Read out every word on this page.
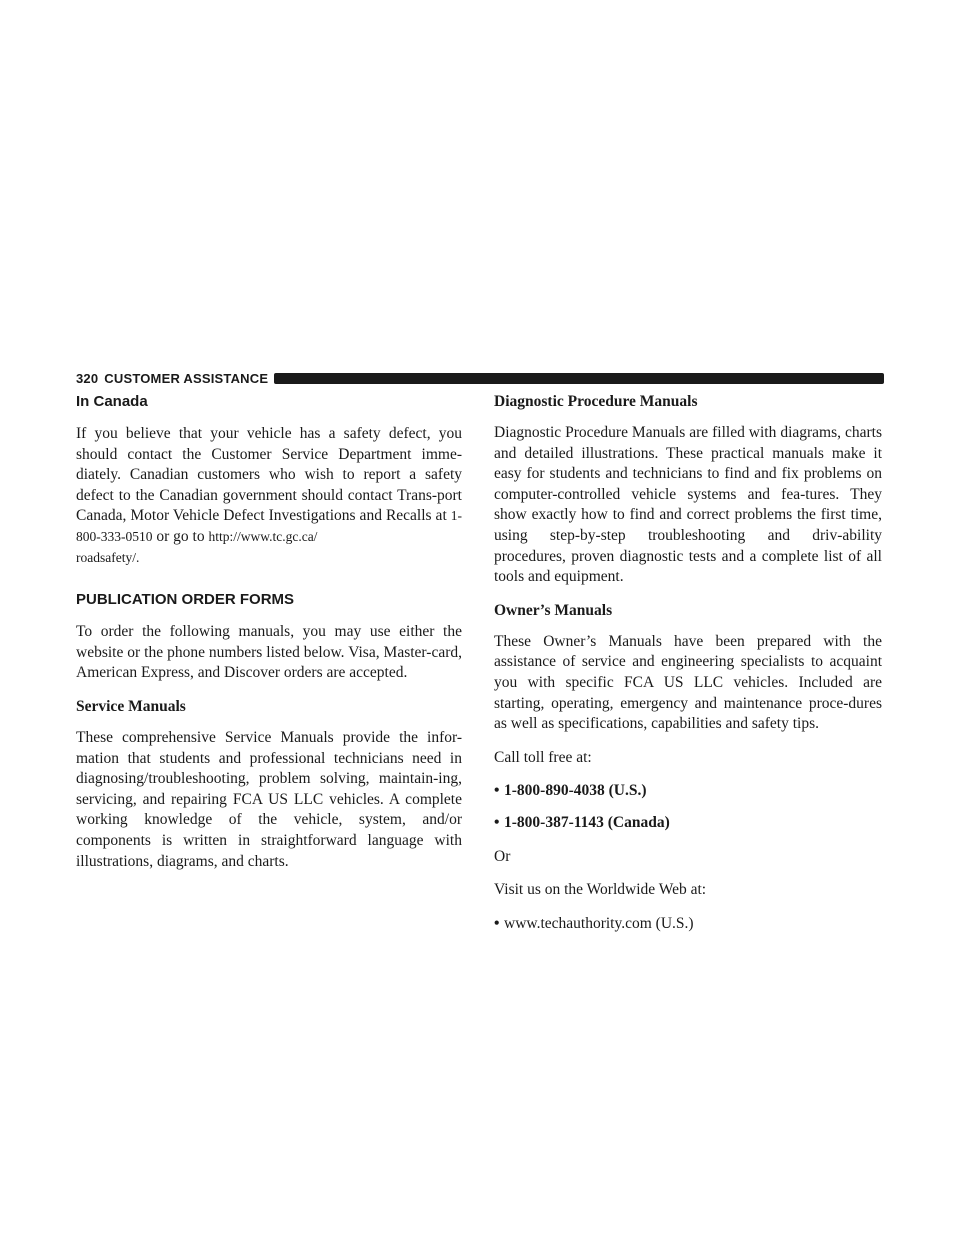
320 CUSTOMER ASSISTANCE
In Canada

If you believe that your vehicle has a safety defect, you should contact the Customer Service Department imme-diately. Canadian customers who wish to report a safety defect to the Canadian government should contact Trans-port Canada, Motor Vehicle Defect Investigations and Recalls at 1-800-333-0510 or go to http://www.tc.gc.ca/
roadsafety/.

PUBLICATION ORDER FORMS

To order the following manuals, you may use either the website or the phone numbers listed below. Visa, Master-card, American Express, and Discover orders are accepted.

Service Manuals

These comprehensive Service Manuals provide the infor-mation that students and professional technicians need in diagnosing/troubleshooting, problem solving, maintain-ing, servicing, and repairing FCA US LLC vehicles. A complete working knowledge of the vehicle, system, and/or components is written in straightforward language with illustrations, diagrams, and charts.

Diagnostic Procedure Manuals

Diagnostic Procedure Manuals are filled with diagrams, charts and detailed illustrations. These practical manuals make it easy for students and technicians to find and fix problems on computer-controlled vehicle systems and fea-tures. They show exactly how to find and correct problems the first time, using step-by-step troubleshooting and driv-ability procedures, proven diagnostic tests and a complete list of all tools and equipment.

Owner’s Manuals

These Owner’s Manuals have been prepared with the assistance of service and engineering specialists to acquaint you with specific FCA US LLC vehicles. Included are starting, operating, emergency and maintenance proce-dures as well as specifications, capabilities and safety tips.

Call toll free at:

• 1-800-890-4038 (U.S.)
• 1-800-387-1143 (Canada)

Or

Visit us on the Worldwide Web at:

• www.techauthority.com (U.S.)
